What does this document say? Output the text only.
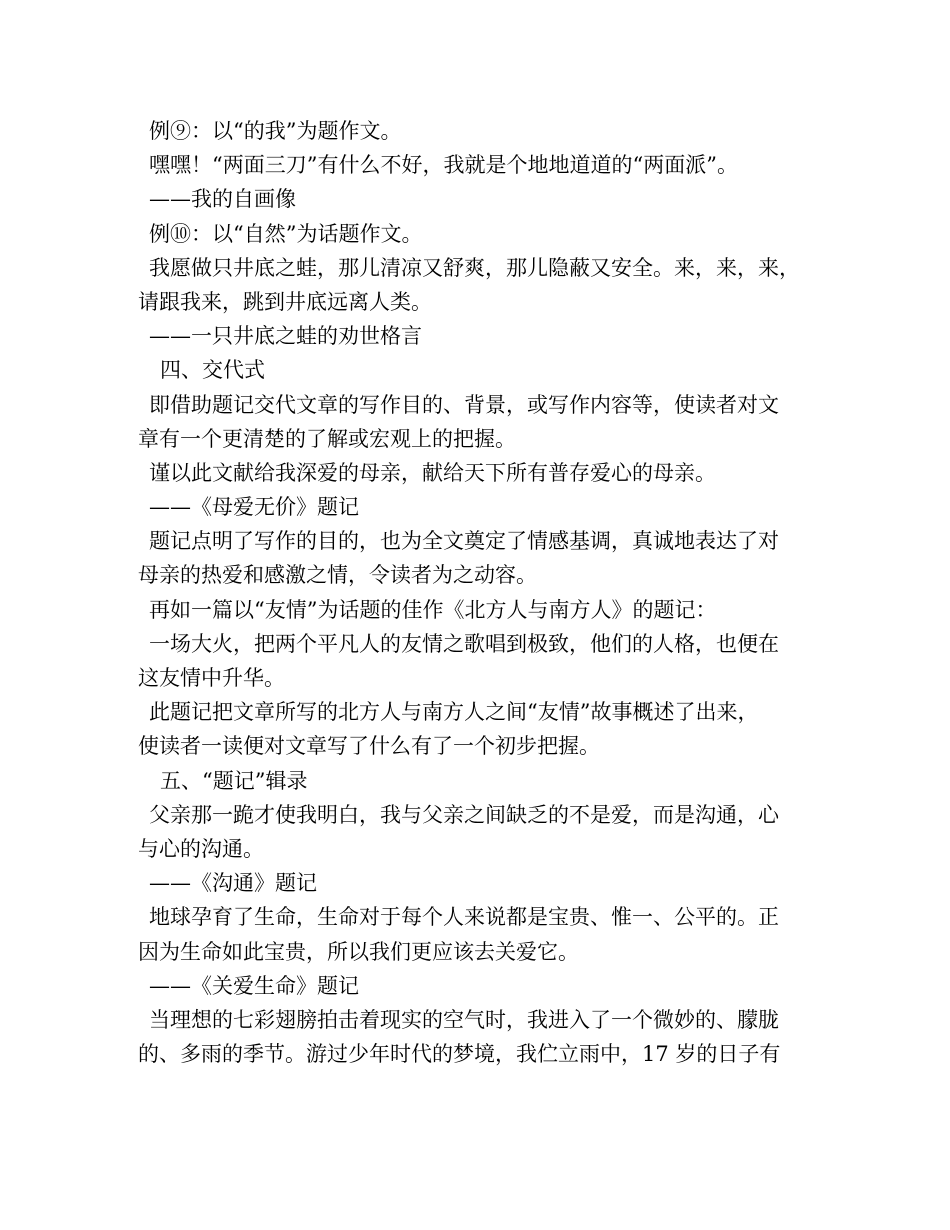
例⑨：以“的我”为题作文。
嘿嘿！“两面三刀”有什么不好，我就是个地地道道的“两面派”。
——我的自画像
例⑩：以“自然”为话题作文。
我愿做只井底之蛙，那儿清凉又舒爽，那儿隐蔽又安全。来，来，来，
请跟我来，跳到井底远离人类。
——一只井底之蛙的劝世格言
四、交代式
即借助题记交代文章的写作目的、背景，或写作内容等，使读者对文
章有一个更清楚的了解或宏观上的把握。
谨以此文献给我深爱的母亲，献给天下所有普存爱心的母亲。
——《母爱无价》题记
题记点明了写作的目的，也为全文奠定了情感基调，真诚地表达了对
母亲的热爱和感激之情，令读者为之动容。
再如一篇以“友情”为话题的佳作《北方人与南方人》的题记：
一场大火，把两个平凡人的友情之歌唱到极致，他们的人格，也便在
这友情中升华。
此题记把文章所写的北方人与南方人之间“友情”故事概述了出来，
使读者一读便对文章写了什么有了一个初步把握。
五、“题记”辑录
父亲那一跪才使我明白，我与父亲之间缺乏的不是爱，而是沟通，心
与心的沟通。
——《沟通》题记
地球孕育了生命，生命对于每个人来说都是宝贵、惟一、公平的。正
因为生命如此宝贵，所以我们更应该去关爱它。
——《关爱生命》题记
当理想的七彩翅膀拍击着现实的空气时，我进入了一个微妙的、朦胧
的、多雨的季节。游过少年时代的梦境，我伫立雨中，17 岁的日子有
